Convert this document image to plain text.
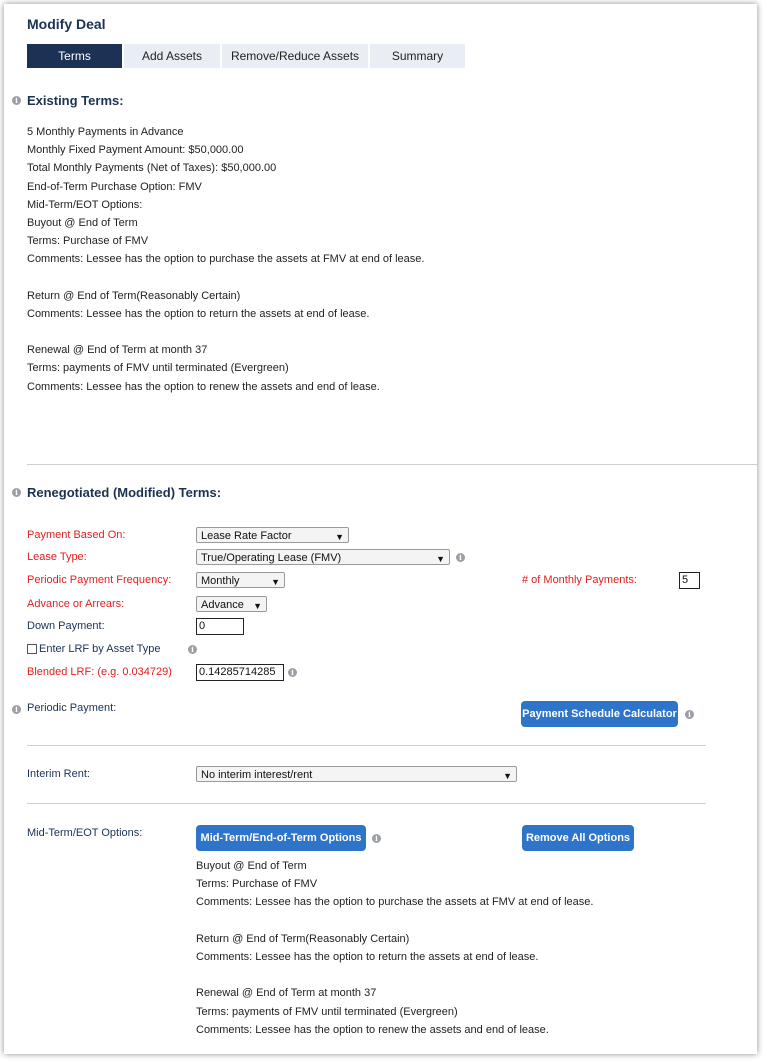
Modify Deal
Terms	Add Assets	Remove/Reduce Assets	Summary
i Existing Terms:
5 Monthly Payments in Advance
Monthly Fixed Payment Amount: $50,000.00
Total Monthly Payments (Net of Taxes): $50,000.00
End-of-Term Purchase Option: FMV
Mid-Term/EOT Options:
Buyout @ End of Term
Terms: Purchase of FMV
Comments: Lessee has the option to purchase the assets at FMV at end of lease.
Return @ End of Term(Reasonably Certain)
Comments: Lessee has the option to return the assets at end of lease.
Renewal @ End of Term at month 37
Terms: payments of FMV until terminated (Evergreen)
Comments: Lessee has the option to renew the assets and end of lease.
i Renegotiated (Modified) Terms:
Payment Based On:	Lease Rate Factor	▼
Lease Type:	True/Operating Lease (FMV)	▼	i
Periodic Payment Frequency:	Monthly	▼	# of Monthly Payments:	5
Advance or Arrears:	Advance ▼
Down Payment:	0
Enter LRF by Asset Type	i
Blended LRF: (e.g. 0.034729) 0.14285714285	i
i Periodic Payment:	Payment Schedule Calculator	i
Interim Rent:	No interim interest/rent	▼
Mid-Term/EOT Options:	Mid-Term/End-of-Term Options	i	Remove All Options
Buyout @ End of Term
Terms: Purchase of FMV
Comments: Lessee has the option to purchase the assets at FMV at end of lease.
Return @ End of Term(Reasonably Certain)
Comments: Lessee has the option to return the assets at end of lease.
Renewal @ End of Term at month 37
Terms: payments of FMV until terminated (Evergreen)
Comments: Lessee has the option to renew the assets and end of lease.
